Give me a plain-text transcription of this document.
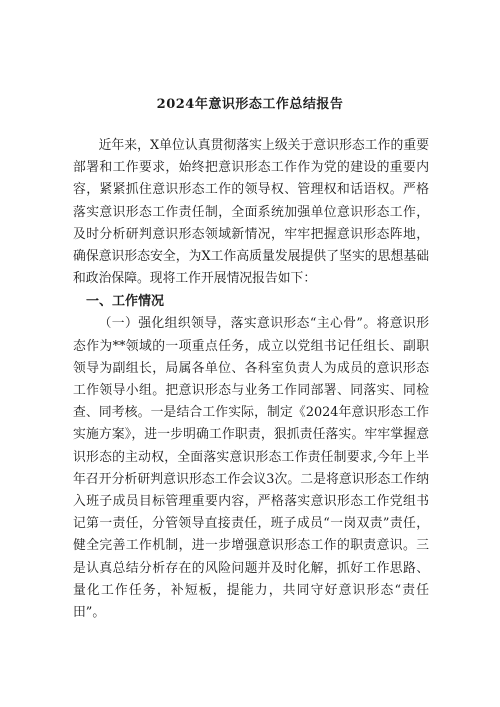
2024年意识形态工作总结报告

近年来，X单位认真贯彻落实上级关于意识形态工作的重要部署和工作要求，始终把意识形态工作作为党的建设的重要内容，紧紧抓住意识形态工作的领导权、管理权和话语权。严格落实意识形态工作责任制，全面系统加强单位意识形态工作，及时分析研判意识形态领域新情况，牢牢把握意识形态阵地，确保意识形态安全，为X工作高质量发展提供了坚实的思想基础和政治保障。现将工作开展情况报告如下：

一、工作情况

（一）强化组织领导，落实意识形态“主心骨”。将意识形态作为**领域的一项重点任务，成立以党组书记任组长、副职领导为副组长，局属各单位、各科室负责人为成员的意识形态工作领导小组。把意识形态与业务工作同部署、同落实、同检查、同考核。一是结合工作实际，制定《2024年意识形态工作实施方案》，进一步明确工作职责，狠抓责任落实。牢牢掌握意识形态的主动权，全面落实意识形态工作责任制要求,今年上半年召开分析研判意识形态工作会议3次。二是将意识形态工作纳入班子成员目标管理重要内容，严格落实意识形态工作党组书记第一责任，分管领导直接责任，班子成员“一岗双责”责任，健全完善工作机制，进一步增强意识形态工作的职责意识。三是认真总结分析存在的风险问题并及时化解，抓好工作思路、量化工作任务，补短板，提能力，共同守好意识形态“责任田”。
